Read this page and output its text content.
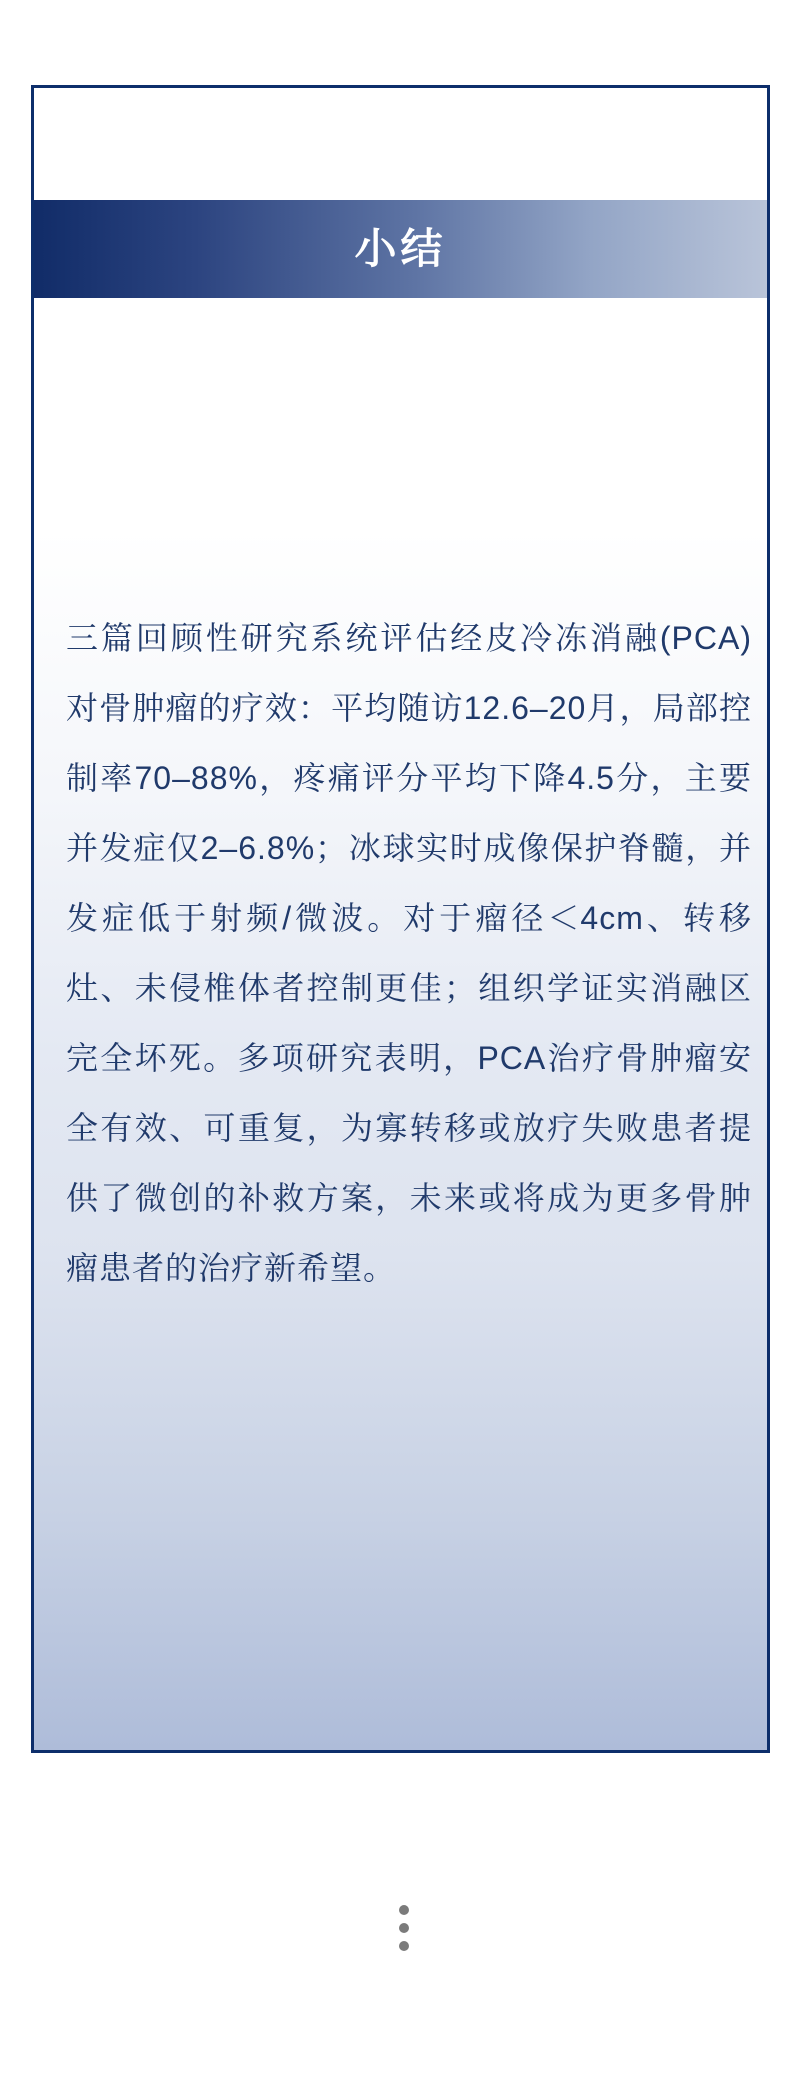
小结

三篇回顾性研究系统评估经皮冷冻消融(PCA)对骨肿瘤的疗效：平均随访12.6–20月，局部控制率70–88%，疼痛评分平均下降4.5分，主要并发症仅2–6.8%；冰球实时成像保护脊髓，并发症低于射频/微波。对于瘤径＜4cm、转移灶、未侵椎体者控制更佳；组织学证实消融区完全坏死。多项研究表明，PCA治疗骨肿瘤安全有效、可重复，为寡转移或放疗失败患者提供了微创的补救方案，未来或将成为更多骨肿瘤患者的治疗新希望。
